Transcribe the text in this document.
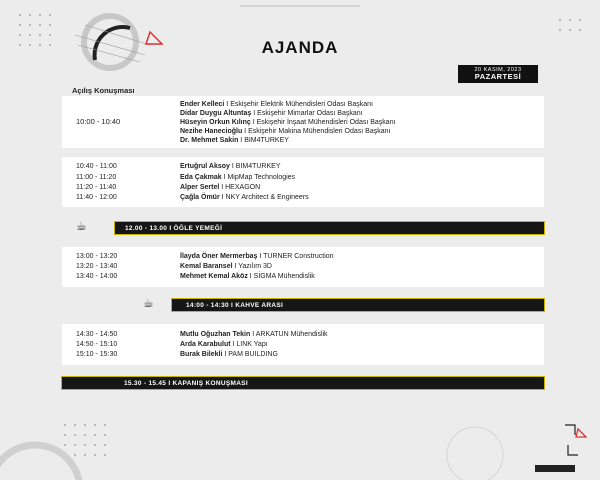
AJANDA
20 KASIM, 2023
PAZARTESİ
Açılış Konuşması
10:00 - 10:40
Ender Kelleci I Eskişehir Elektrik Mühendisleri Odası Başkanı
Didar Duygu Altuntaş I Eskişehir Mimarlar Odası Başkanı
Hüseyin Orkun Kılınç I Eskişehir İnşaat Mühendisleri Odası Başkanı
Nezihe Hanecioğlu I Eskişehir Makina Mühendisleri Odası Başkanı
Dr. Mehmet Sakin I BIM4TURKEY
10:40 - 11:00	Ertuğrul Aksoy I BIM4TURKEY
11:00 - 11:20	Eda Çakmak I MipMap Technologies
11:20 - 11:40	Alper Sertel I HEXAGON
11:40 - 12:00	Çağla Ömür I NKY Architect & Engineers
☕	12.00 - 13.00 I ÖĞLE YEMEĞİ
13:00 - 13:20	İlayda Öner Mermerbaş I TURNER Construction
13:20 - 13:40	Kemal Baransel I Yazılım 3D
13:40 - 14:00	Mehmet Kemal Aköz I SİGMA Mühendislik
☕	14:00 - 14:30 I KAHVE ARASI
14:30 - 14:50	Mutlu Oğuzhan Tekin I ARKATUN Mühendislik
14:50 - 15:10	Arda Karabulut I LINK Yapı
15:10 - 15:30	Burak Bilekli I PAM BUILDING
15.30 - 15.45 I KAPANIŞ KONUŞMASI
